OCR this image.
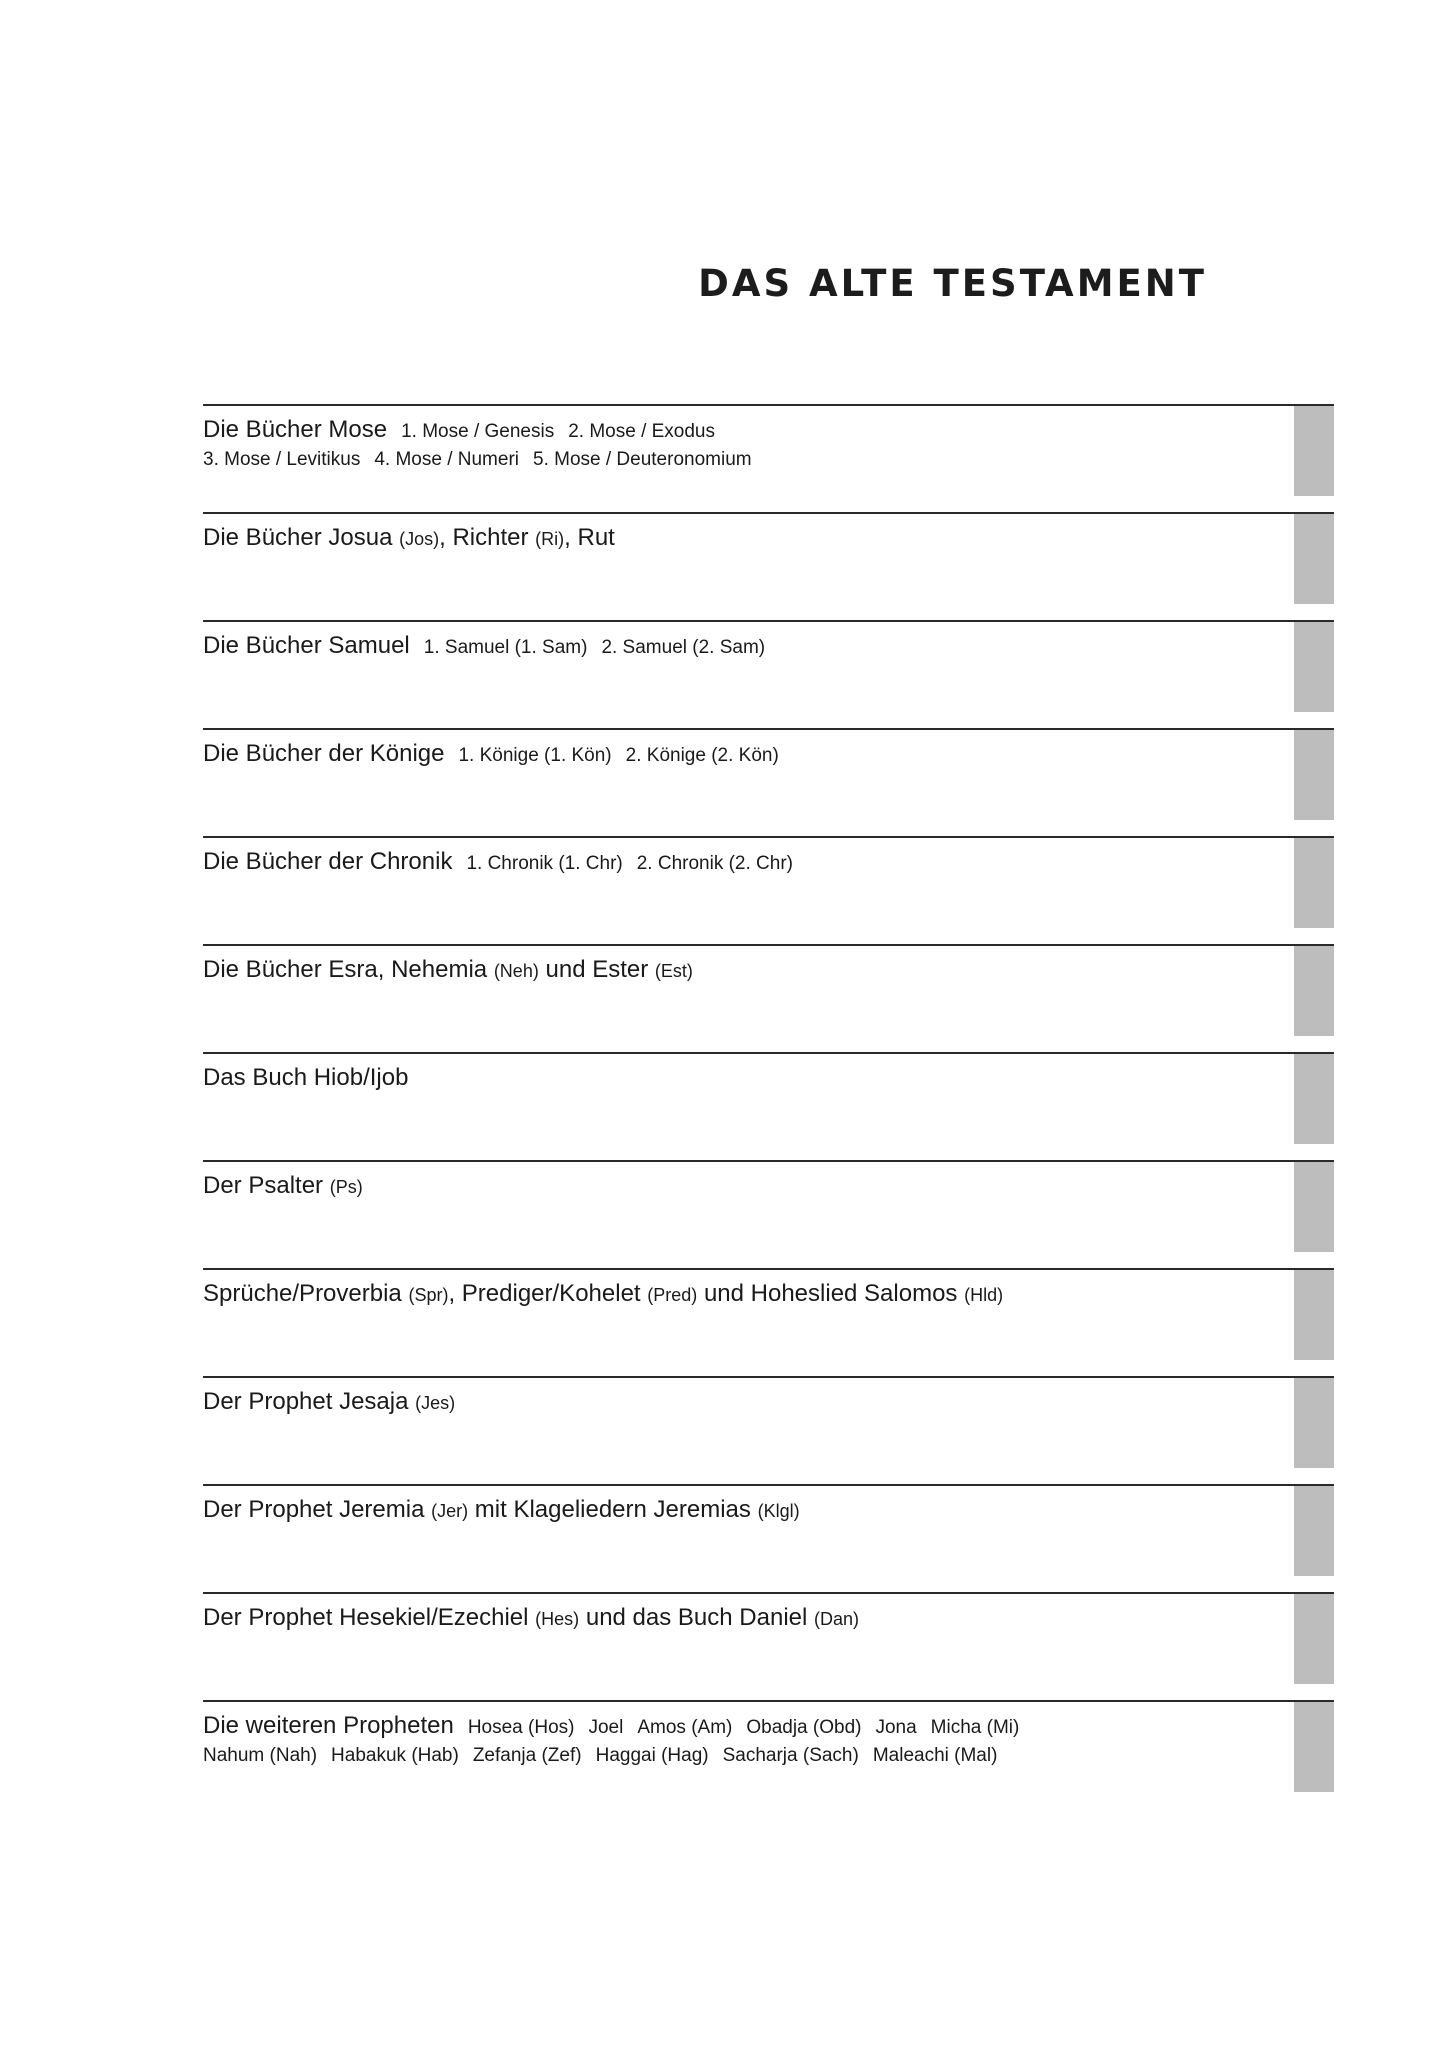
DAS ALTE TESTAMENT
Die Bücher Mose 1. Mose / Genesis 2. Mose / Exodus
3. Mose / Levitikus 4. Mose / Numeri 5. Mose / Deuteronomium
Die Bücher Josua (Jos), Richter (Ri), Rut
Die Bücher Samuel 1. Samuel (1. Sam) 2. Samuel (2. Sam)
Die Bücher der Könige 1. Könige (1. Kön) 2. Könige (2. Kön)
Die Bücher der Chronik 1. Chronik (1. Chr) 2. Chronik (2. Chr)
Die Bücher Esra, Nehemia (Neh) und Ester (Est)
Das Buch Hiob/Ijob
Der Psalter (Ps)
Sprüche/Proverbia (Spr), Prediger/Kohelet (Pred) und Hoheslied Salomos (Hld)
Der Prophet Jesaja (Jes)
Der Prophet Jeremia (Jer) mit Klageliedern Jeremias (Klgl)
Der Prophet Hesekiel/Ezechiel (Hes) und das Buch Daniel (Dan)
Die weiteren Propheten Hosea (Hos) Joel Amos (Am) Obadja (Obd) Jona Micha (Mi)
Nahum (Nah) Habakuk (Hab) Zefanja (Zef) Haggai (Hag) Sacharja (Sach) Maleachi (Mal)
